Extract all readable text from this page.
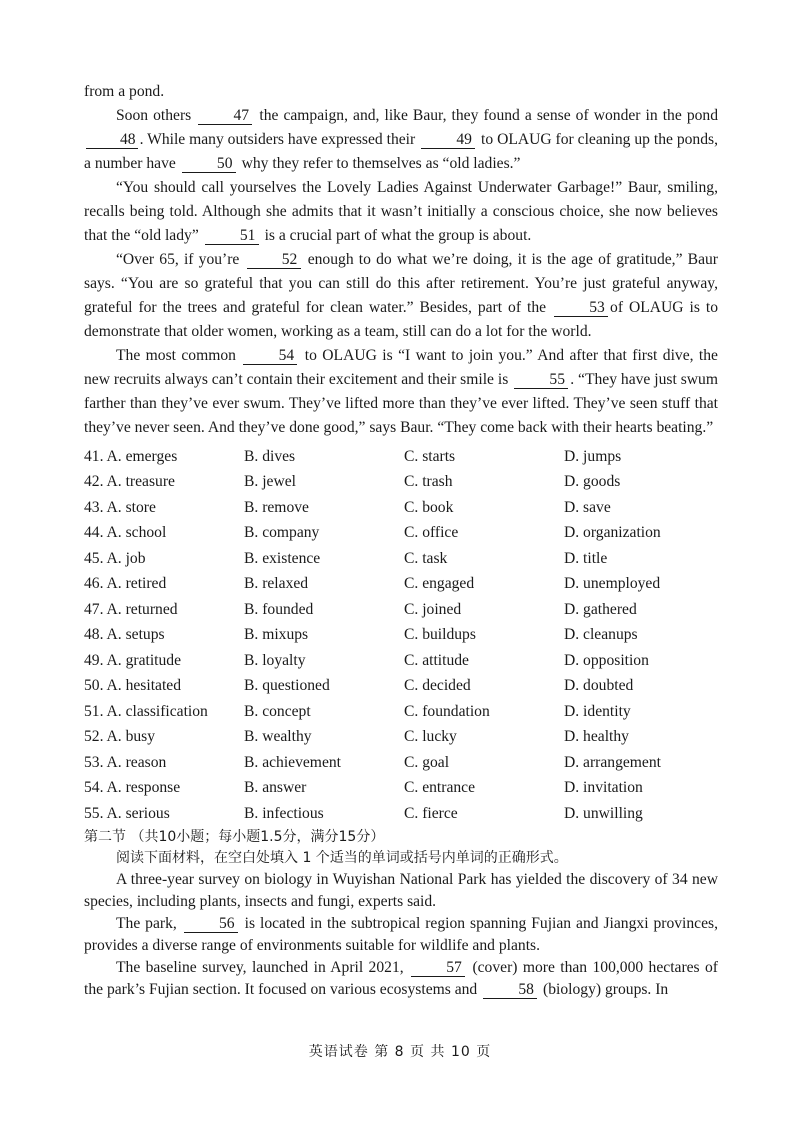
from a pond.

Soon others	47 the campaign, and, like Baur, they found a sense of wonder in the pond 48 . While many outsiders have expressed their	49 to OLAUG for cleaning up the ponds, a number have	50 why they refer to themselves as “old ladies.”

“You should call yourselves the Lovely Ladies Against Underwater Garbage!” Baur, smiling, recalls being told. Although she admits that it wasn’t initially a conscious choice, she now believes that the “old lady”	51 is a crucial part of what the group is about.

“Over 65, if you’re	52 enough to do what we’re doing, it is the age of gratitude,” Baur says. “You are so grateful that you can still do this after retirement. You’re just grateful anyway, grateful for the trees and grateful for clean water.” Besides, part of the	53 of OLAUG is to demonstrate that older women, working as a team, still can do a lot for the world.

The most common	54 to OLAUG is “I want to join you.” And after that first dive, the new recruits always can’t contain their excitement and their smile is	55 . “They have just swum farther than they’ve ever swum. They’ve lifted more than they’ve ever lifted. They’ve seen stuff that they’ve never seen. And they’ve done good,” says Baur. “They come back with their hearts beating.”

41. A. emerges	B. dives	C. starts	D. jumps
42. A. treasure	B. jewel	C. trash	D. goods
43. A. store	B. remove	C. book	D. save
44. A. school	B. company	C. office	D. organization
45. A. job	B. existence	C. task	D. title
46. A. retired	B. relaxed	C. engaged	D. unemployed
47. A. returned	B. founded	C. joined	D. gathered
48. A. setups	B. mixups	C. buildups	D. cleanups
49. A. gratitude	B. loyalty	C. attitude	D. opposition
50. A. hesitated	B. questioned	C. decided	D. doubted
51. A. classification	B. concept	C. foundation	D. identity
52. A. busy	B. wealthy	C. lucky	D. healthy
53. A. reason	B. achievement	C. goal	D. arrangement
54. A. response	B. answer	C. entrance	D. invitation
55. A. serious	B. infectious	C. fierce	D. unwilling

第二节 （共10小题；每小题1.5分，满分15分）

阅读下面材料，在空白处填入 1 个适当的单词或括号内单词的正确形式。

A three-year survey on biology in Wuyishan National Park has yielded the discovery of 34 new species, including plants, insects and fungi, experts said.

The park,	56 is located in the subtropical region spanning Fujian and Jiangxi provinces, provides a diverse range of environments suitable for wildlife and plants.

The baseline survey, launched in April 2021,	57 (cover) more than 100,000 hectares of the park’s Fujian section. It focused on various ecosystems and	58 (biology) groups. In

英语试卷 第 8 页 共 10 页
